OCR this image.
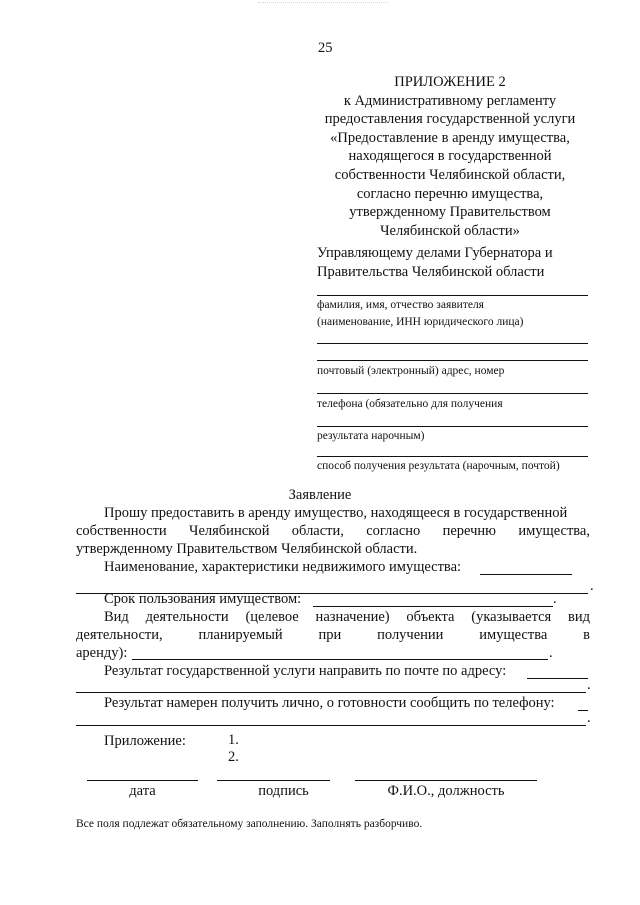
25
ПРИЛОЖЕНИЕ 2
к Административному регламенту
предоставления государственной услуги
«Предоставление в аренду имущества,
находящегося в государственной
собственности Челябинской области,
согласно перечню имущества,
утвержденному Правительством
Челябинской области»
Управляющему делами Губернатора и
Правительства Челябинской области
фамилия, имя, отчество заявителя
(наименование, ИНН юридического лица)
почтовый (электронный) адрес, номер
телефона (обязательно для получения
результата нарочным)
способ получения результата (нарочным, почтой)
Заявление
Прошу предоставить в аренду имущество, находящееся в государственной
собственности Челябинской области, согласно перечню имущества,
утвержденному Правительством Челябинской области.
Наименование, характеристики недвижимого имущества:
.
Срок пользования имуществом:	.
Вид деятельности (целевое назначение) объекта (указывается вид
деятельности, планируемый при получении имущества в
аренду):	.
Результат государственной услуги направить по почте по адресу:
.
Результат намерен получить лично, о готовности сообщить по телефону:
.
Приложение:	1.
2.
дата	подпись	Ф.И.О., должность
Все поля подлежат обязательному заполнению. Заполнять разборчиво.
